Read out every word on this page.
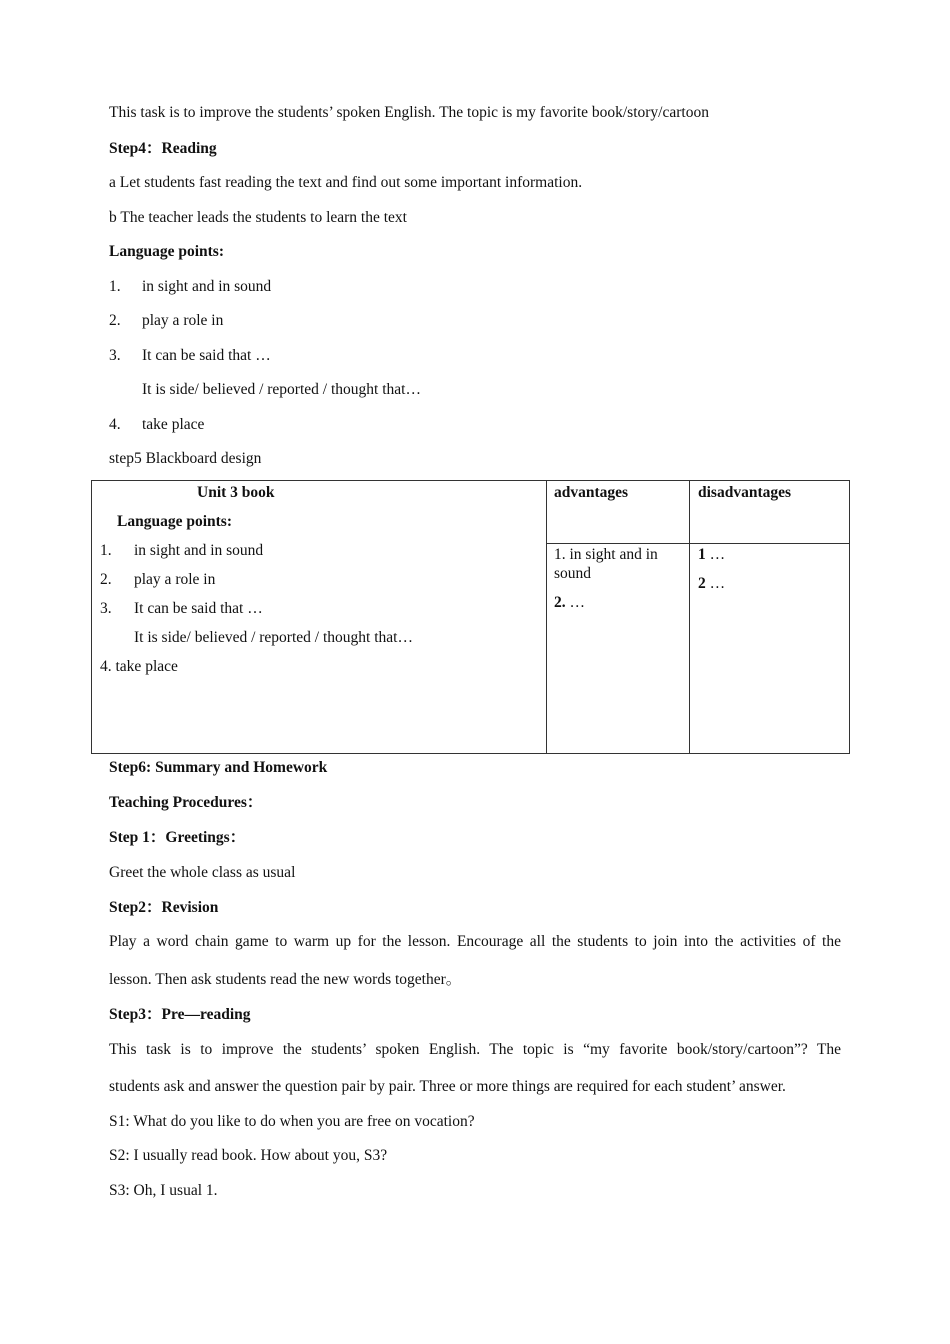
This task is to improve the students’ spoken English. The topic is my favorite book/story/cartoon
Step4：Reading
a Let students fast reading the text and find out some important information.
b The teacher leads the students to learn the text
Language points:
1. in sight and in sound
2. play a role in
3. It can be said that …
It is side/ believed / reported / thought that…
4. take place
step5 Blackboard design
Unit 3 book
Language points:
1. in sight and in sound
2. play a role in
3. It can be said that …
It is side/ believed / reported / thought that…
4. take place
advantages
1. in sight and in
sound
2. …
disadvantages
1 …
2 …
Step6: Summary and Homework
Teaching Procedures：
Step 1：Greetings：
Greet the whole class as usual
Step2：Revision
Play a word chain game to warm up for the lesson. Encourage all the students to join into the activities of the
lesson. Then ask students read the new words together。
Step3：Pre—reading
This task is to improve the students’ spoken English. The topic is “my favorite book/story/cartoon”? The
students ask and answer the question pair by pair. Three or more things are required for each student’ answer.
S1: What do you like to do when you are free on vocation?
S2: I usually read book. How about you, S3?
S3: Oh, I usual 1.
